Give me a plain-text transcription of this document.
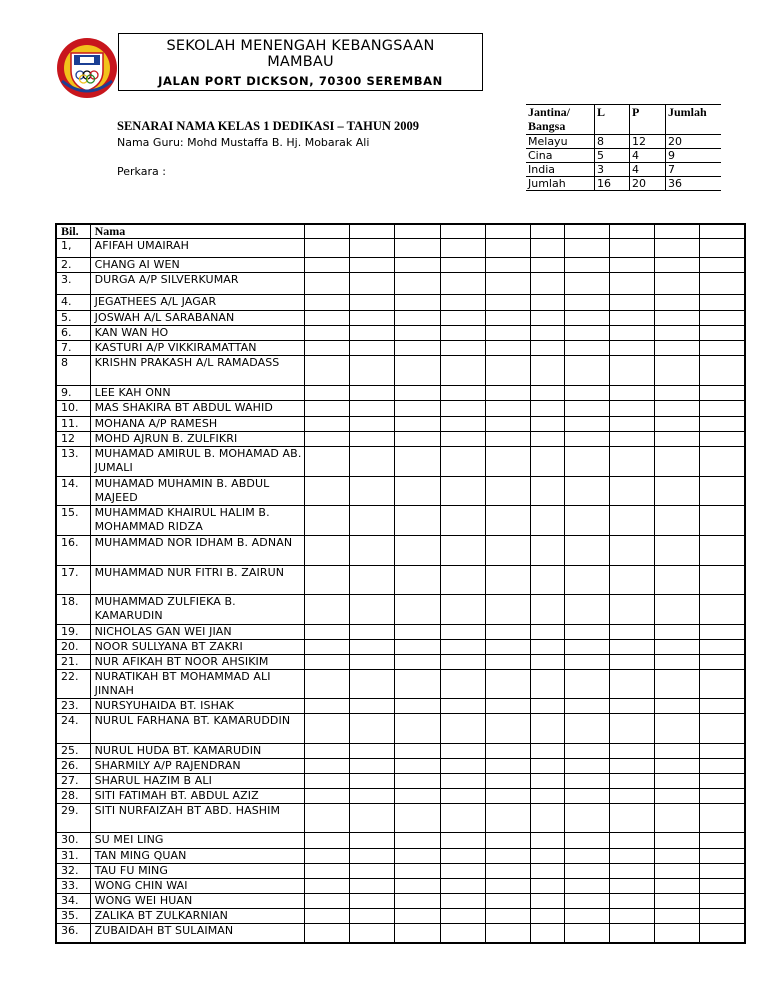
SEKOLAH MENENGAH KEBANGSAAN
MAMBAU
JALAN PORT DICKSON, 70300 SEREMBAN
SENARAI NAMA KELAS 1 DEDIKASI – TAHUN 2009
Nama Guru: Mohd Mustaffa B. Hj. Mobarak Ali
Perkara :
Jantina/ Bangsa	L	P	Jumlah
Melayu	8	12	20
Cina	5	4	9
India	3	4	7
Jumlah	16	20	36
Bil.	Nama										
1,	AFIFAH UMAIRAH										
2.	CHANG AI WEN										
3.	DURGA A/P SILVERKUMAR										
4.	JEGATHEES A/L JAGAR										
5.	JOSWAH A/L SARABANAN										
6.	KAN WAN HO										
7.	KASTURI A/P VIKKIRAMATTAN										
8	KRISHN PRAKASH A/L RAMADASS										
9.	LEE KAH ONN										
10.	MAS SHAKIRA BT ABDUL WAHID										
11.	MOHANA A/P RAMESH										
12	MOHD AJRUN B. ZULFIKRI										
13.	MUHAMAD AMIRUL B. MOHAMAD AB. JUMALI										
14.	MUHAMAD MUHAMIN B. ABDUL MAJEED										
15.	MUHAMMAD KHAIRUL HALIM B. MOHAMMAD RIDZA										
16.	MUHAMMAD NOR IDHAM B. ADNAN										
17.	MUHAMMAD NUR FITRI B. ZAIRUN										
18.	MUHAMMAD ZULFIEKA B. KAMARUDIN										
19.	NICHOLAS GAN WEI JIAN										
20.	NOOR SULLYANA BT ZAKRI										
21.	NUR AFIKAH BT NOOR AHSIKIM										
22.	NURATIKAH BT MOHAMMAD ALI JINNAH										
23.	NURSYUHAIDA BT. ISHAK										
24.	NURUL FARHANA BT. KAMARUDDIN										
25.	NURUL HUDA BT. KAMARUDIN										
26.	SHARMILY A/P RAJENDRAN										
27.	SHARUL HAZIM B ALI										
28.	SITI FATIMAH BT. ABDUL AZIZ										
29.	SITI NURFAIZAH BT ABD. HASHIM										
30.	SU MEI LING										
31.	TAN MING QUAN										
32.	TAU FU MING										
33.	WONG CHIN WAI										
34.	WONG WEI HUAN										
35.	ZALIKA BT ZULKARNIAN										
36.	ZUBAIDAH BT SULAIMAN										
